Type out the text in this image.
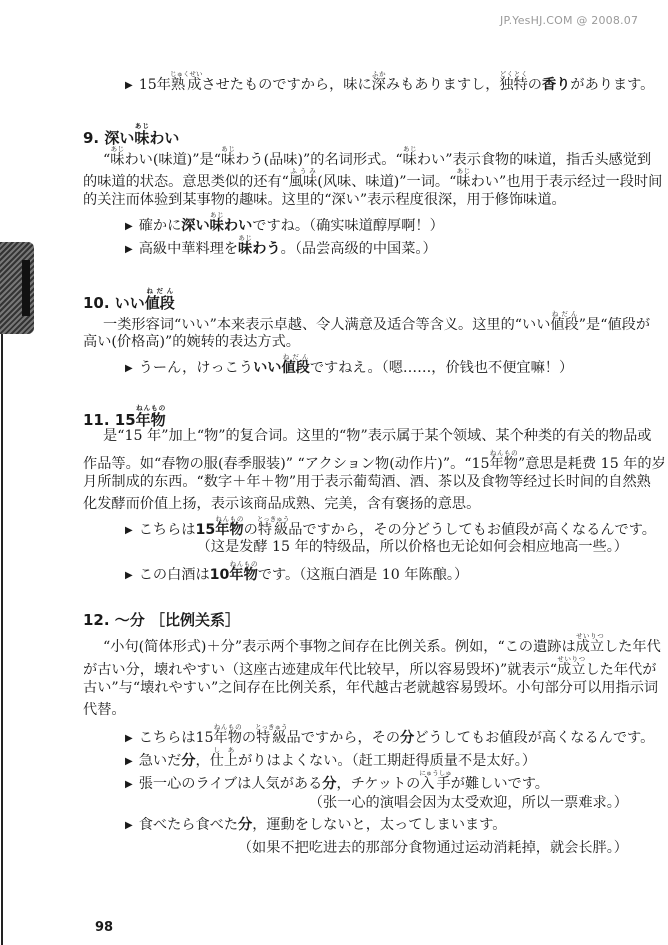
JP.YesHJ.COM @ 2008.07
▶ 15年熟成じゅくせいさせたものですから，味に深ふかみもありますし，独特どくとくの香りがあります。
9. 深い味あじわい
“味あじわい(味道)”是“味あじわう(品味)”的名词形式。“味あじわい”表示食物的味道，指舌头感觉到
的味道的状态。意思类似的还有“風味ふうみ(风味、味道)”一词。“味あじわい”也用于表示经过一段时间
的关注而体验到某事物的趣味。这里的“深い”表示程度很深，用于修饰味道。
▶ 確かに深い味あじわいですね。（确实味道醇厚啊！）
▶ 高級中華料理を味あじわう。（品尝高级的中国菜。）
10. いい値段ねだん
一类形容词“いい”本来表示卓越、令人满意及适合等含义。这里的“いい値段ねだん”是“値段が
高い(价格高)”的婉转的表达方式。
▶ うーん，けっこういい値段ねだんですねえ。（嗯……，价钱也不便宜嘛！）
11. 15年物ねんもの
是“15 年”加上“物”的复合词。这里的“物”表示属于某个领域、某个种类的有关的物品或
作品等。如“春物の服(春季服装)” “アクション物(动作片)”。“15年物ねんもの”意思是耗费 15 年的岁
月所制成的东西。“数字＋年＋物”用于表示葡萄酒、酒、茶以及食物等经过长时间的自然熟
化发酵而价值上扬，表示该商品成熟、完美，含有褒扬的意思。
▶ こちらは15年物ねんものの特級とっきゅう品ですから，その分どうしてもお値段が高くなるんです。
（这是发酵 15 年的特级品，所以价格也无论如何会相应地高一些。）
▶ この白酒は10年物ねんものです。（这瓶白酒是 10 年陈酿。）
12. ～分 ［比例关系］
“小句(简体形式)＋分”表示两个事物之间存在比例关系。例如，“この遺跡は成立せいりつした年代
が古い分，壊れやすい（这座古迹建成年代比较早，所以容易毁坏)”就表示“成立せいりつした年代が
古い”与“壊れやすい”之间存在比例关系，年代越古老就越容易毁坏。小句部分可以用指示词
代替。
▶ こちらは15年物ねんものの特級とっきゅう品ですから，その分どうしてもお値段が高くなるんです。
▶ 急いだ分，仕上しあがりはよくない。（赶工期赶得质量不是太好。）
▶ 張一心のライブは人気がある分，チケットの入手にゅうしゅが難しいです。
（张一心的演唱会因为太受欢迎，所以一票难求。）
▶ 食べたら食べた分，運動をしないと，太ってしまいます。
（如果不把吃进去的那部分食物通过运动消耗掉，就会长胖。）
98
